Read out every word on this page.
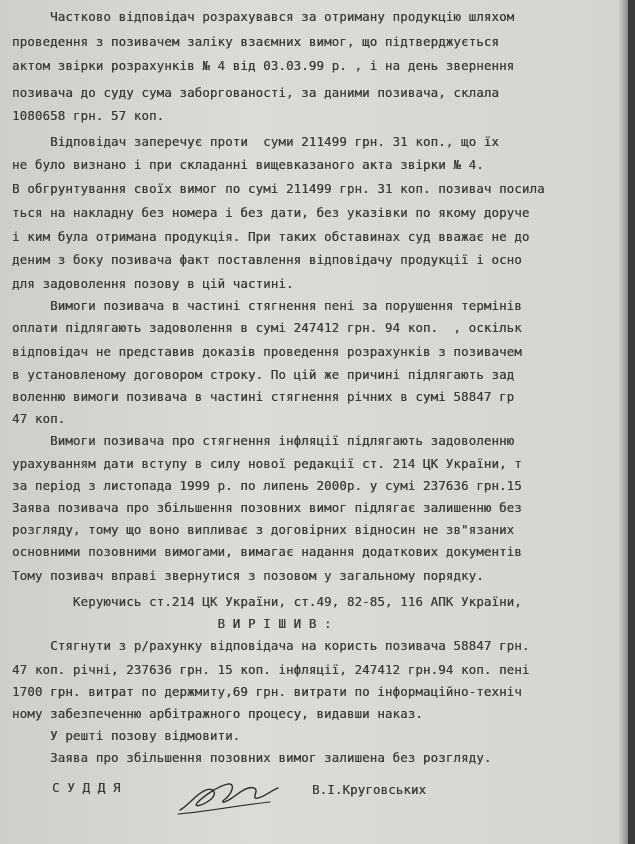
Частково відповідач розрахувався за отриману продукцію шляхом
проведення з позивачем заліку взаємних вимог, що підтверджується
актом звірки розрахунків № 4 від 03.03.99 р. , і на день звернення
позивача до суду сума заборгованості, за даними позивача, склала
1080658 грн. 57 коп.
Відповідач заперечує проти  суми 211499 грн. 31 коп., що їх
не було визнано і при складанні вищевказаного акта звірки № 4.
В обгрунтування своїх вимог по сумі 211499 грн. 31 коп. позивач посила
ться на накладну без номера і без дати, без указівки по якому доруче
і ким була отримана продукція. При таких обставинах суд вважає не до
деним з боку позивача факт поставлення відповідачу продукції і осно
для задоволення позову в цій частині.
Вимоги позивача в частині стягнення пені за порушення термінів
оплати підлягають задоволення в сумі 247412 грн. 94 коп.  , оскільк
відповідач не представив доказів проведення розрахунків з позивачем
в установленому договором строку. По цій же причині підлягають зад
воленню вимоги позивача в частині стягнення річних в сумі 58847 гр
47 коп.
Вимоги позивача про стягнення інфляції підлягають задоволенню
урахуванням дати вступу в силу нової редакції ст. 214 ЦК України, т
за період з листопада 1999 р. по липень 2000р. у сумі 237636 грн.15
Заява позивача про збільшення позовних вимог підлягає залишенню без
розгляду, тому що воно випливає з договірних відносин не зв"язаних
основними позовними вимогами, вимагає надання додаткових документів
Тому позивач вправі звернутися з позовом у загальному порядку.
Керуючись ст.214 ЦК України, ст.49, 82-85, 116 АПК України,
В И Р І Ш И В :
Стягнути з р/рахунку відповідача на користь позивача 58847 грн.
47 коп. річні, 237636 грн. 15 коп. інфляції, 247412 грн.94 коп. пені
1700 грн. витрат по держмиту,69 грн. витрати по інформаційно-техніч
ному забезпеченню арбітражного процесу, видавши наказ.
У решті позову відмовити.
Заява про збільшення позовних вимог залишена без розгляду.
С У Д Д Я	В.І.Круговських
